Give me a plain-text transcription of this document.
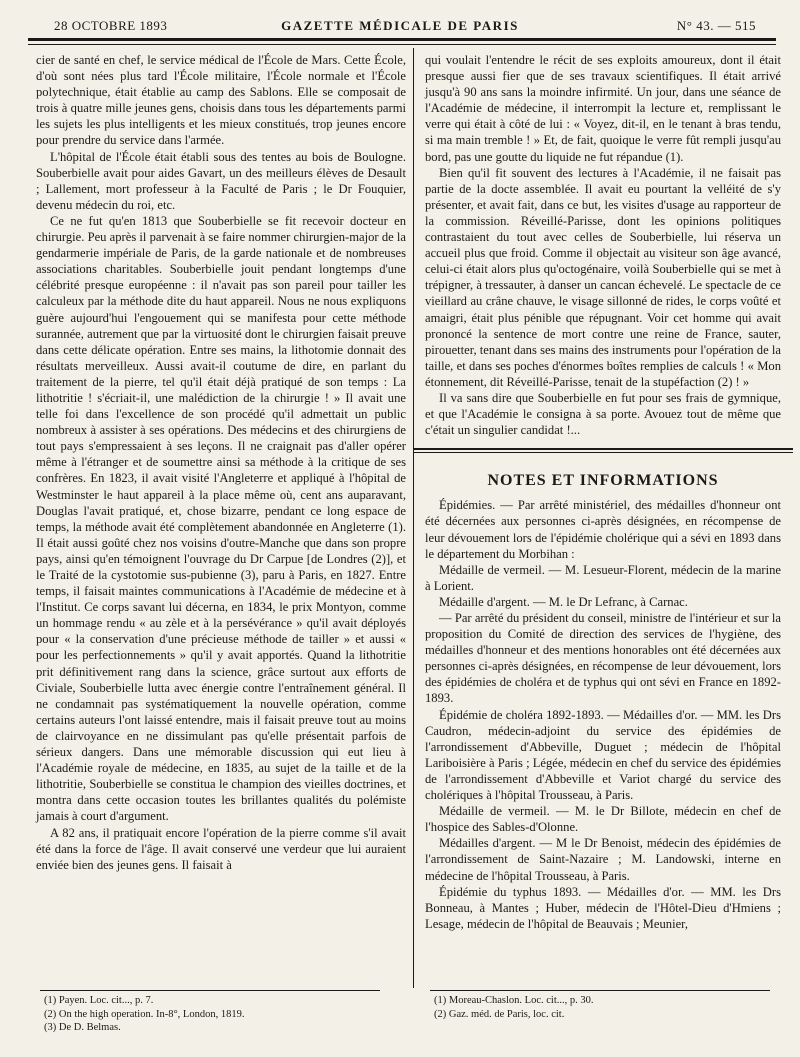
28 OCTOBRE 1893	GAZETTE MÉDICALE DE PARIS	N° 43. — 515

cier de santé en chef, le service médical de l'École de Mars. Cette École, d'où sont nées plus tard l'École militaire, l'École normale et l'École polytechnique, était établie au camp des Sablons. Elle se composait de trois à quatre mille jeunes gens, choisis dans tous les départements parmi les sujets les plus intelligents et les mieux constitués, trop jeunes encore pour prendre du service dans l'armée.

L'hôpital de l'École était établi sous des tentes au bois de Boulogne. Souberbielle avait pour aides Gavart, un des meilleurs élèves de Desault ; Lallement, mort professeur à la Faculté de Paris ; le Dr Fouquier, devenu médecin du roi, etc.

Ce ne fut qu'en 1813 que Souberbielle se fit recevoir docteur en chirurgie. Peu après il parvenait à se faire nommer chirurgien-major de la gendarmerie impériale de Paris, de la garde nationale et de nombreuses associations charitables. Souberbielle jouit pendant longtemps d'une célébrité presque européenne : il n'avait pas son pareil pour tailler les calculeux par la méthode dite du haut appareil. Nous ne nous expliquons guère aujourd'hui l'engouement qui se manifesta pour cette méthode surannée, autrement que par la virtuosité dont le chirurgien faisait preuve dans cette délicate opération. Entre ses mains, la lithotomie donnait des résultats merveilleux. Aussi avait-il coutume de dire, en parlant du traitement de la pierre, tel qu'il était déjà pratiqué de son temps : La lithotritie ! s'écriait-il, une malédiction de la chirurgie ! » Il avait une telle foi dans l'excellence de son procédé qu'il admettait un public nombreux à assister à ses opérations. Des médecins et des chirurgiens de tout pays s'empressaient à ses leçons. Il ne craignait pas d'aller opérer même à l'étranger et de soumettre ainsi sa méthode à la critique de ses confrères. En 1823, il avait visité l'Angleterre et appliqué à l'hôpital de Westminster le haut appareil à la place même où, cent ans auparavant, Douglas l'avait pratiqué, et, chose bizarre, pendant ce long espace de temps, la méthode avait été complètement abandonnée en Angleterre (1). Il était aussi goûté chez nos voisins d'outre-Manche que dans son propre pays, ainsi qu'en témoignent l'ouvrage du Dr Carpue [de Londres (2)], et le Traité de la cystotomie sus-pubienne (3), paru à Paris, en 1827. Entre temps, il faisait maintes communications à l'Académie de médecine et à l'Institut. Ce corps savant lui décerna, en 1834, le prix Montyon, comme un hommage rendu « au zèle et à la persévérance » qu'il avait déployés pour « la conservation d'une précieuse méthode de tailler » et aussi « pour les perfectionnements » qu'il y avait apportés. Quand la lithotritie prit définitivement rang dans la science, grâce surtout aux efforts de Civiale, Souberbielle lutta avec énergie contre l'entraînement général. Il ne condamnait pas systématiquement la nouvelle opération, comme certains auteurs l'ont laissé entendre, mais il faisait preuve tout au moins de clairvoyance en ne dissimulant pas qu'elle présentait parfois de sérieux dangers. Dans une mémorable discussion qui eut lieu à l'Académie royale de médecine, en 1835, au sujet de la taille et de la lithotritie, Souberbielle se constitua le champion des vieilles doctrines, et montra dans cette occasion toutes les brillantes qualités du polémiste jamais à court d'argument.

A 82 ans, il pratiquait encore l'opération de la pierre comme s'il avait été dans la force de l'âge. Il avait conservé une verdeur que lui auraient enviée bien des jeunes gens. Il faisait à

qui voulait l'entendre le récit de ses exploits amoureux, dont il était presque aussi fier que de ses travaux scientifiques. Il était arrivé jusqu'à 90 ans sans la moindre infirmité. Un jour, dans une séance de l'Académie de médecine, il interrompit la lecture et, remplissant le verre qui était à côté de lui : « Voyez, dit-il, en le tenant à bras tendu, si ma main tremble ! » Et, de fait, quoique le verre fût rempli jusqu'au bord, pas une goutte du liquide ne fut répandue (1).

Bien qu'il fit souvent des lectures à l'Académie, il ne faisait pas partie de la docte assemblée. Il avait eu pourtant la velléité de s'y présenter, et avait fait, dans ce but, les visites d'usage au rapporteur de la commission. Réveillé-Parisse, dont les opinions politiques contrastaient du tout avec celles de Souberbielle, lui réserva un accueil plus que froid. Comme il objectait au visiteur son âge avancé, celui-ci était alors plus qu'octogénaire, voilà Souberbielle qui se met à trépigner, à tressauter, à danser un cancan échevelé. Le spectacle de ce vieillard au crâne chauve, le visage sillonné de rides, le corps voûté et amaigri, était plus pénible que répugnant. Voir cet homme qui avait prononcé la sentence de mort contre une reine de France, sauter, pirouetter, tenant dans ses mains des instruments pour l'opération de la taille, et dans ses poches d'énormes boîtes remplies de calculs ! « Mon étonnement, dit Réveillé-Parisse, tenait de la stupéfaction (2) ! »

Il va sans dire que Souberbielle en fut pour ses frais de gymnique, et que l'Académie le consigna à sa porte. Avouez tout de même que c'était un singulier candidat !...

NOTES ET INFORMATIONS

Épidémies. — Par arrêté ministériel, des médailles d'honneur ont été décernées aux personnes ci-après désignées, en récompense de leur dévouement lors de l'épidémie cholérique qui a sévi en 1893 dans le département du Morbihan :

Médaille de vermeil. — M. Lesueur-Florent, médecin de la marine à Lorient.

Médaille d'argent. — M. le Dr Lefranc, à Carnac.

— Par arrêté du président du conseil, ministre de l'intérieur et sur la proposition du Comité de direction des services de l'hygiène, des médailles d'honneur et des mentions honorables ont été décernées aux personnes ci-après désignées, en récompense de leur dévouement, lors des épidémies de choléra et de typhus qui ont sévi en France en 1892-1893.

Épidémie de choléra 1892-1893. — Médailles d'or. — MM. les Drs Caudron, médecin-adjoint du service des épidémies de l'arrondissement d'Abbeville, Duguet ; médecin de l'hôpital Lariboisière à Paris ; Légée, médecin en chef du service des épidémies de l'arrondissement d'Abbeville et Variot chargé du service des cholériques à l'hôpital Trousseau, à Paris.

Médaille de vermeil. — M. le Dr Billote, médecin en chef de l'hospice des Sables-d'Olonne.

Médailles d'argent. — M le Dr Benoist, médecin des épidémies de l'arrondissement de Saint-Nazaire ; M. Landowski, interne en médecine de l'hôpital Trousseau, à Paris.

Épidémie du typhus 1893. — Médailles d'or. — MM. les Drs Bonneau, à Mantes ; Huber, médecin de l'Hôtel-Dieu d'Hmiens ; Lesage, médecin de l'hôpital de Beauvais ; Meunier,

(1) Payen. Loc. cit..., p. 7.
(2) On the high operation. In-8°, London, 1819.
(3) De D. Belmas.
(1) Moreau-Chaslon. Loc. cit..., p. 30.
(2) Gaz. méd. de Paris, loc. cit.
